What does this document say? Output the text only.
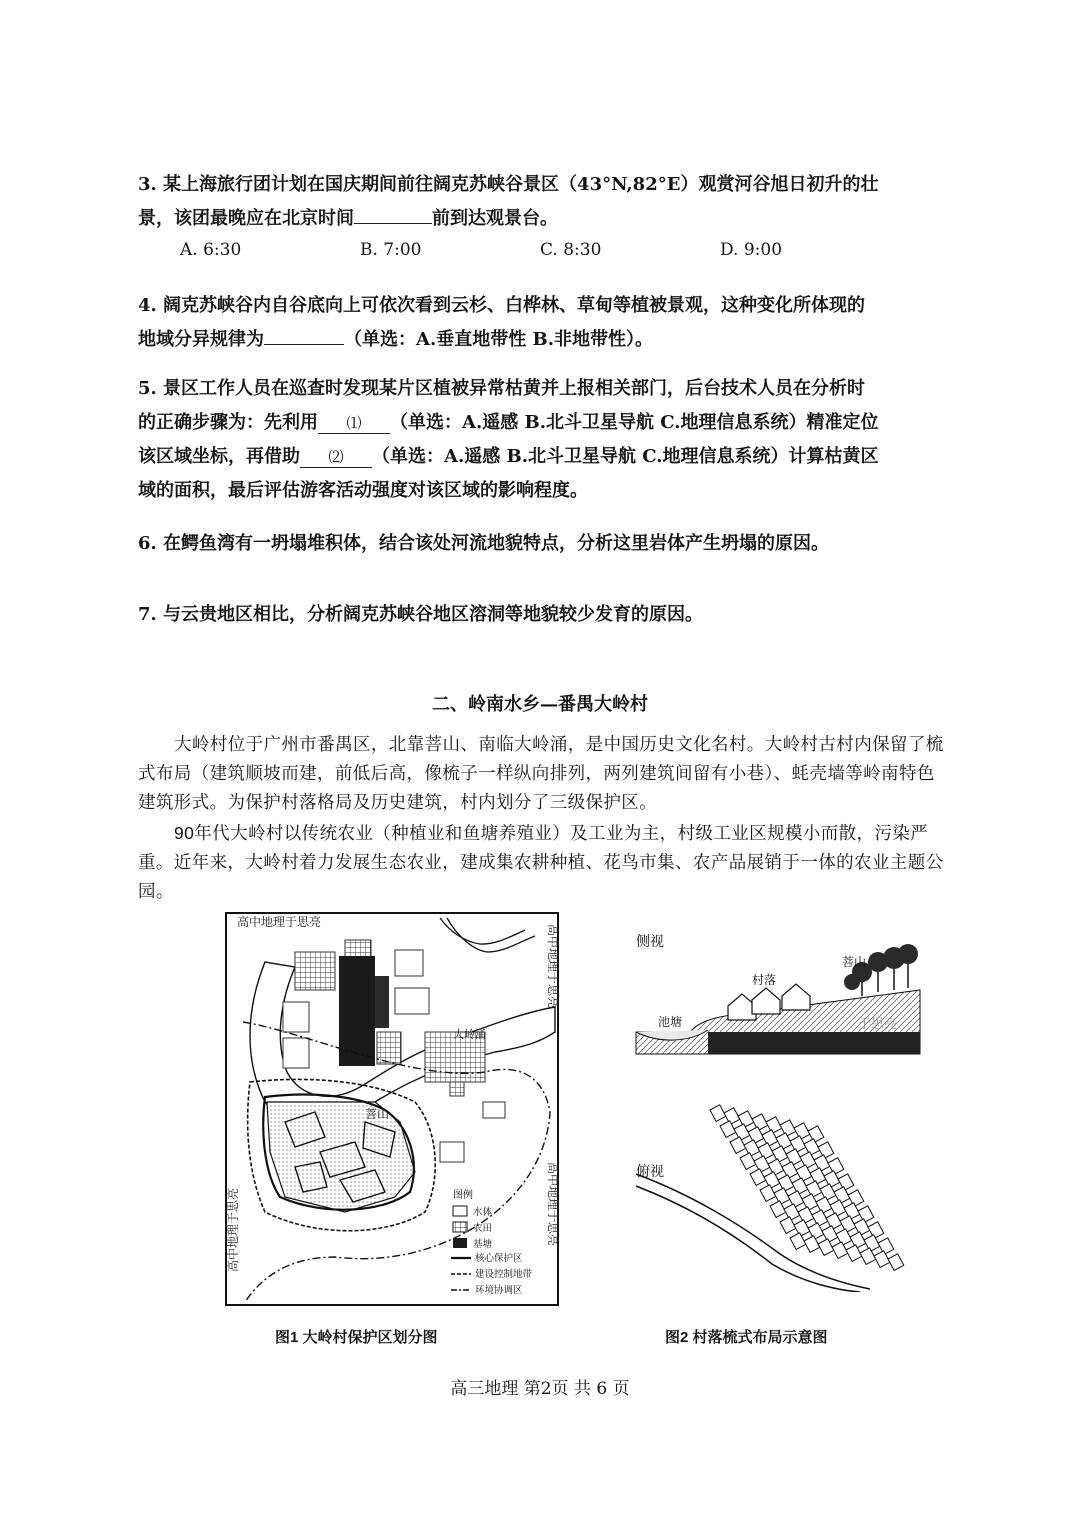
3. 某上海旅行团计划在国庆期间前往阔克苏峡谷景区（43°N,82°E）观赏河谷旭日初升的壮
景，该团最晚应在北京时间	前到达观景台。
A. 6:30	B. 7:00	C. 8:30	D. 9:00
4. 阔克苏峡谷内自谷底向上可依次看到云杉、白桦林、草甸等植被景观，这种变化所体现的
地域分异规律为	（单选：A.垂直地带性 B.非地带性）。
5. 景区工作人员在巡查时发现某片区植被异常枯黄并上报相关部门，后台技术人员在分析时
的正确步骤为：先利用 ⑴ （单选：A.遥感 B.北斗卫星导航 C.地理信息系统）精准定位
该区域坐标，再借助 ⑵ （单选：A.遥感 B.北斗卫星导航 C.地理信息系统）计算枯黄区
域的面积，最后评估游客活动强度对该区域的影响程度。
6. 在鳄鱼湾有一坍塌堆积体，结合该处河流地貌特点，分析这里岩体产生坍塌的原因。
7. 与云贵地区相比，分析阔克苏峡谷地区溶洞等地貌较少发育的原因。
二、岭南水乡—番禺大岭村

大岭村位于广州市番禺区，北靠菩山、南临大岭涌，是中国历史文化名村。大岭村古村内保留了梳式布局（建筑顺坡而建，前低后高，像梳子一样纵向排列，两列建筑间留有小巷）、蚝壳墙等岭南特色建筑形式。为保护村落格局及历史建筑，村内划分了三级保护区。

90年代大岭村以传统农业（种植业和鱼塘养殖业）及工业为主，村级工业区规模小而散，污染严重。近年来，大岭村着力发展生态农业，建成集农耕种植、花鸟市集、农产品展销于一体的农业主题公园。

菩山
大岭涌
高中地理于思亮
高中地理于思亮
高中地理于思亮
高中地理于思亮
图例
水体
农田
基塘
核心保护区
建设控制地带
环境协调区
图1 大岭村保护区划分图
侧视
池塘
村落
菩山
于思亮
俯视
图2 村落梳式布局示意图
高三地理 第2页 共 6 页
